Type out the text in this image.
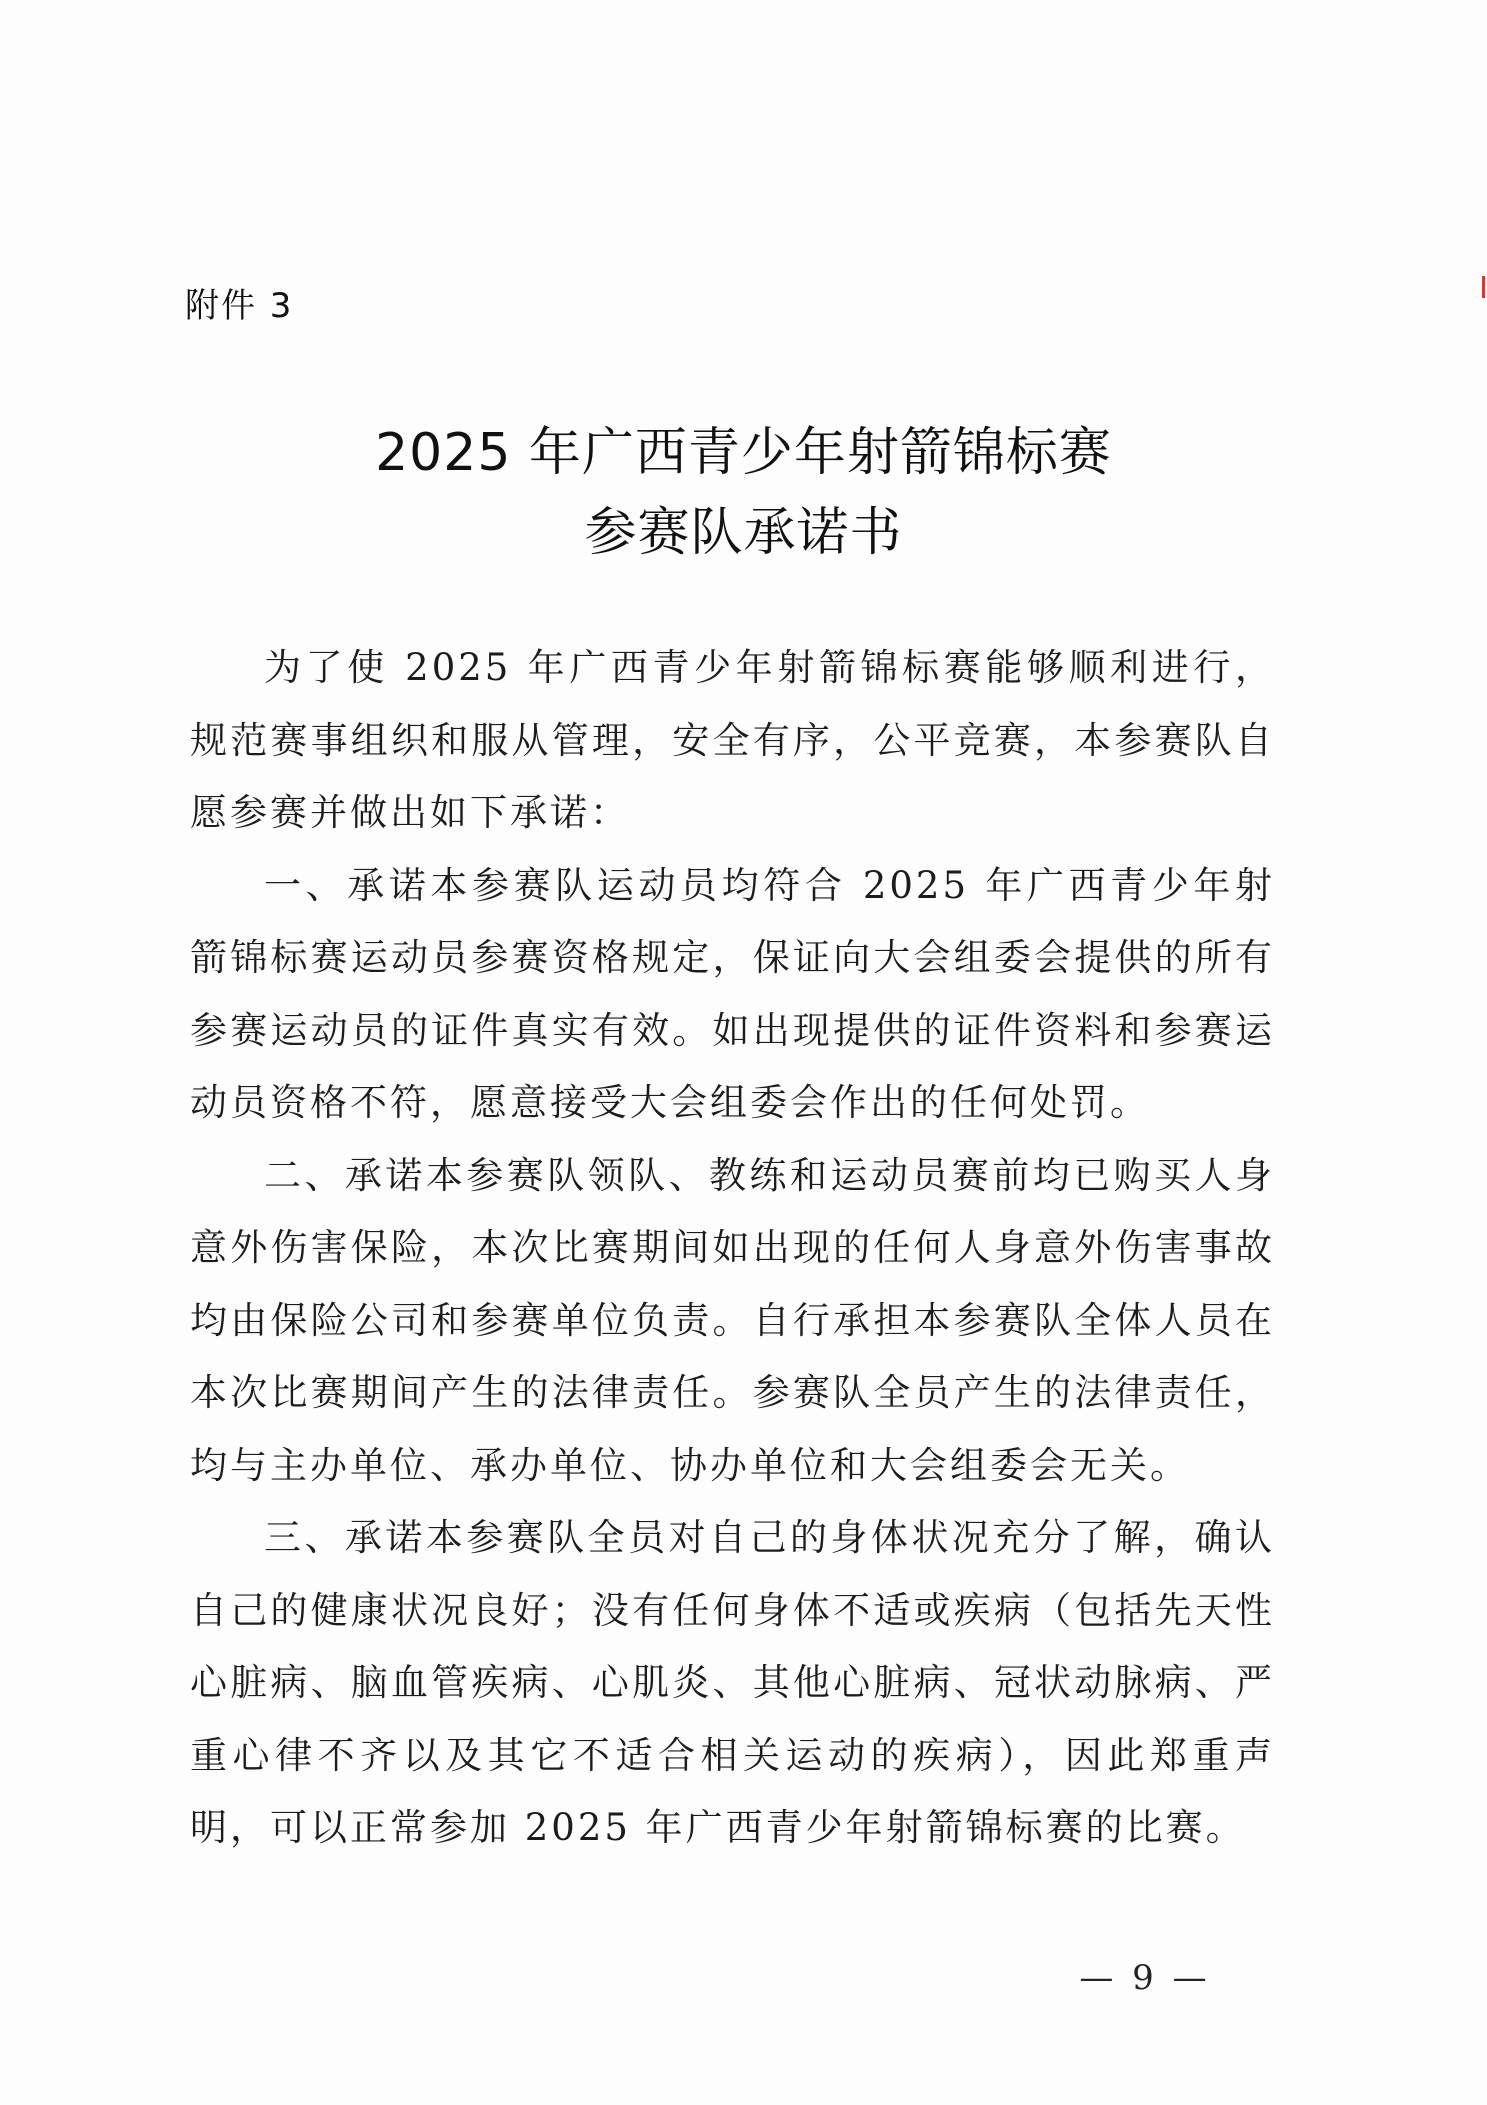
附件 3
2025 年广西青少年射箭锦标赛
参赛队承诺书

为了使 2025 年广西青少年射箭锦标赛能够顺利进行，规范赛事组织和服从管理，安全有序，公平竞赛，本参赛队自愿参赛并做出如下承诺：

一、承诺本参赛队运动员均符合 2025 年广西青少年射箭锦标赛运动员参赛资格规定，保证向大会组委会提供的所有参赛运动员的证件真实有效。如出现提供的证件资料和参赛运动员资格不符，愿意接受大会组委会作出的任何处罚。

二、承诺本参赛队领队、教练和运动员赛前均已购买人身意外伤害保险，本次比赛期间如出现的任何人身意外伤害事故均由保险公司和参赛单位负责。自行承担本参赛队全体人员在本次比赛期间产生的法律责任。参赛队全员产生的法律责任，均与主办单位、承办单位、协办单位和大会组委会无关。

三、承诺本参赛队全员对自己的身体状况充分了解，确认自己的健康状况良好；没有任何身体不适或疾病（包括先天性心脏病、脑血管疾病、心肌炎、其他心脏病、冠状动脉病、严重心律不齐以及其它不适合相关运动的疾病），因此郑重声明，可以正常参加 2025 年广西青少年射箭锦标赛的比赛。

— 9 —
